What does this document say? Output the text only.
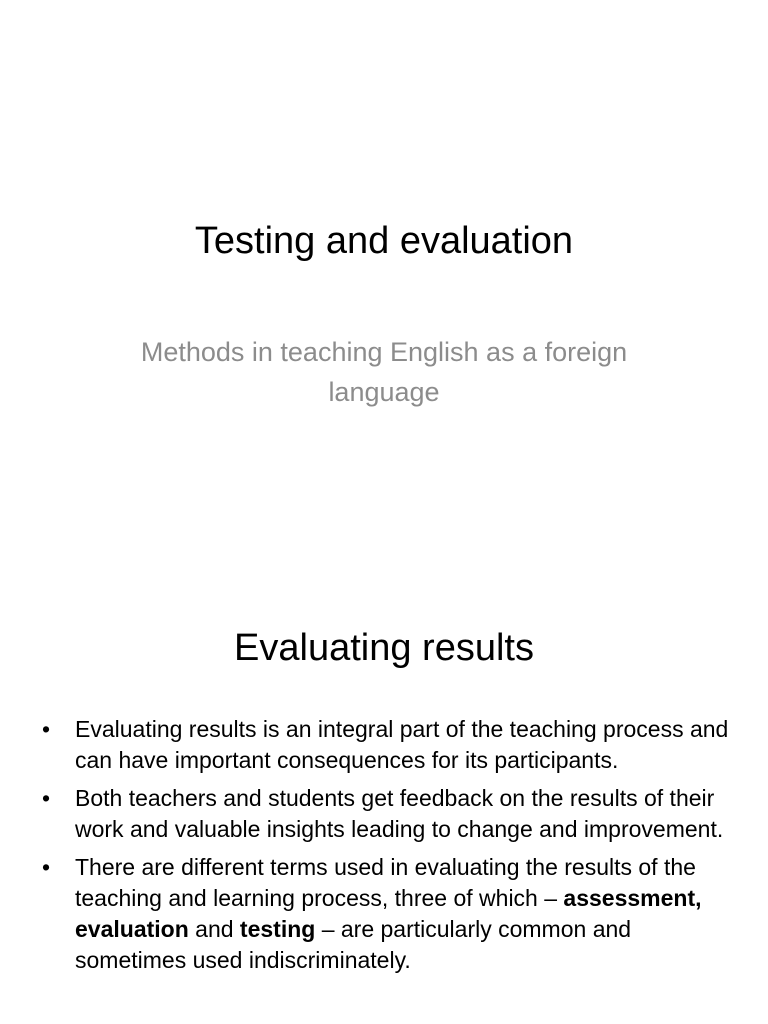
Testing and evaluation

Methods in teaching English as a foreign language

Evaluating results
•	Evaluating results is an integral part of the teaching process and can have important consequences for its participants.
•	Both teachers and students get feedback on the results of their work and valuable insights leading to change and improvement.
•	There are different terms used in evaluating the results of the teaching and learning process, three of which – assessment, evaluation and testing – are particularly common and sometimes used indiscriminately.
